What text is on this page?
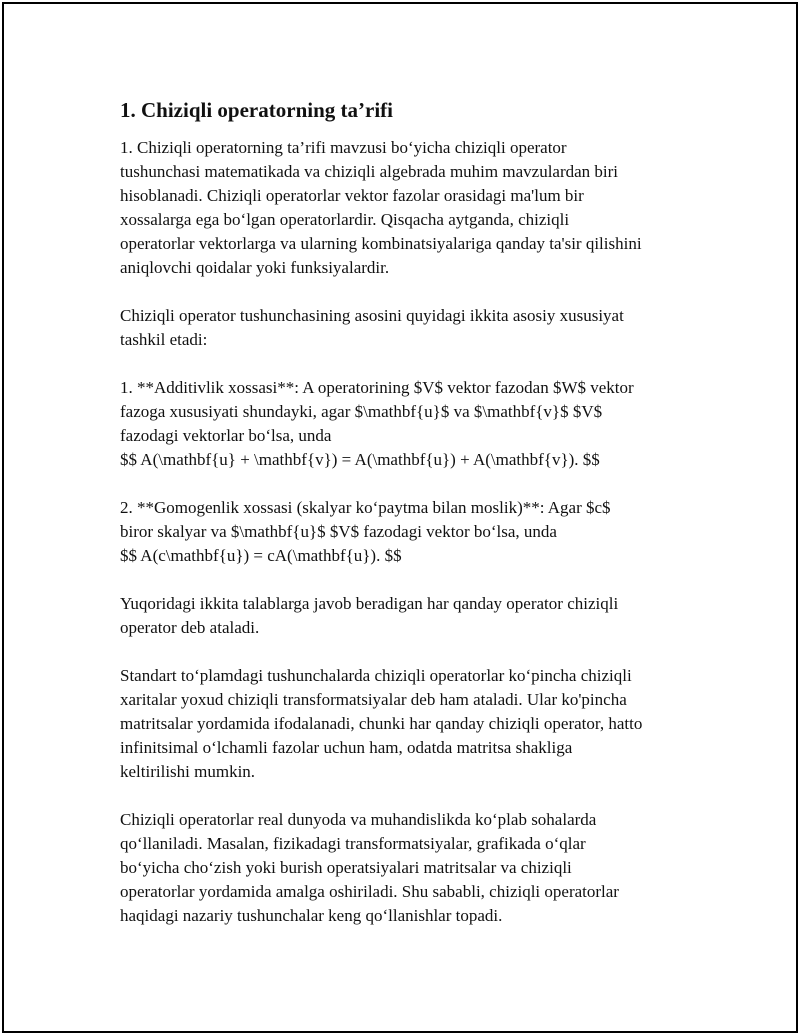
1. Chiziqli operatorning ta’rifi

1. Chiziqli operatorning ta’rifi mavzusi bo‘yicha chiziqli operator
tushunchasi matematikada va chiziqli algebrada muhim mavzulardan biri
hisoblanadi. Chiziqli operatorlar vektor fazolar orasidagi ma'lum bir
xossalarga ega bo‘lgan operatorlardir. Qisqacha aytganda, chiziqli
operatorlar vektorlarga va ularning kombinatsiyalariga qanday ta'sir qilishini
aniqlovchi qoidalar yoki funksiyalardir.

Chiziqli operator tushunchasining asosini quyidagi ikkita asosiy xususiyat
tashkil etadi:

1. **Additivlik xossasi**: A operatorining $V$ vektor fazodan $W$ vektor
fazoga xususiyati shundayki, agar $\mathbf{u}$ va $\mathbf{v}$ $V$
fazodagi vektorlar bo‘lsa, unda
$$ A(\mathbf{u} + \mathbf{v}) = A(\mathbf{u}) + A(\mathbf{v}). $$

2. **Gomogenlik xossasi (skalyar ko‘paytma bilan moslik)**: Agar $c$
biror skalyar va $\mathbf{u}$ $V$ fazodagi vektor bo‘lsa, unda
$$ A(c\mathbf{u}) = cA(\mathbf{u}). $$

Yuqoridagi ikkita talablarga javob beradigan har qanday operator chiziqli
operator deb ataladi.

Standart to‘plamdagi tushunchalarda chiziqli operatorlar ko‘pincha chiziqli
xaritalar yoxud chiziqli transformatsiyalar deb ham ataladi. Ular ko'pincha
matritsalar yordamida ifodalanadi, chunki har qanday chiziqli operator, hatto
infinitsimal o‘lchamli fazolar uchun ham, odatda matritsa shakliga
keltirilishi mumkin.

Chiziqli operatorlar real dunyoda va muhandislikda ko‘plab sohalarda
qo‘llaniladi. Masalan, fizikadagi transformatsiyalar, grafikada o‘qlar
bo‘yicha cho‘zish yoki burish operatsiyalari matritsalar va chiziqli
operatorlar yordamida amalga oshiriladi. Shu sababli, chiziqli operatorlar
haqidagi nazariy tushunchalar keng qo‘llanishlar topadi.
